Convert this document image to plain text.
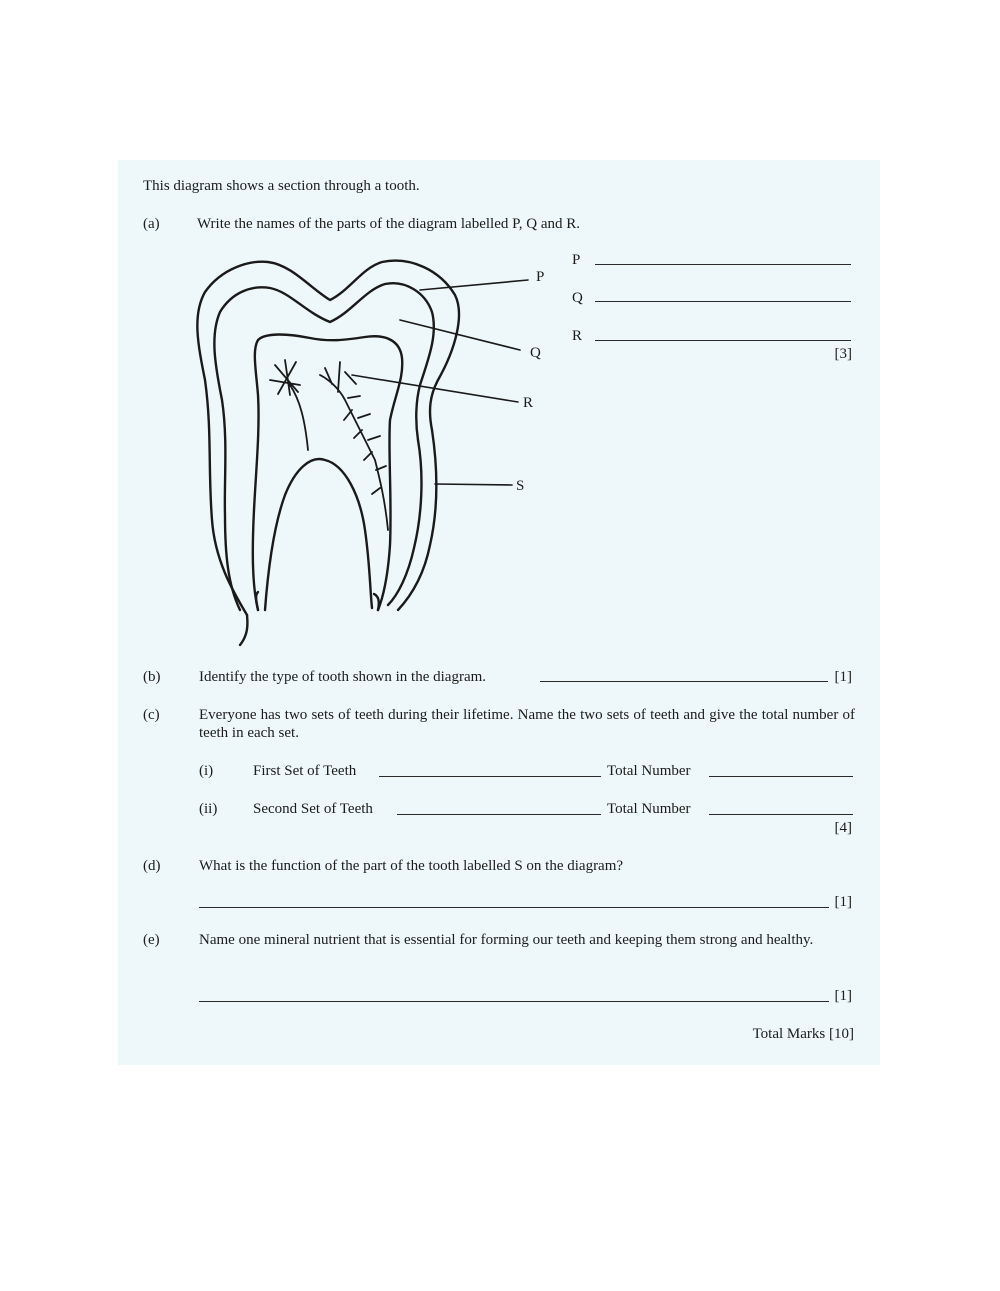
This diagram shows a section through a tooth.
(a) Write the names of the parts of the diagram labelled P, Q and R.
P
Q
R
[3]
P
Q
R
S
(b)	Identify the type of tooth shown in the diagram.	[1]
(c)	Everyone has two sets of teeth during their lifetime. Name the two sets of teeth and give the total number of teeth in each set.
(i)	First Set of Teeth	Total Number
(ii) Second Set of Teeth	Total Number
[4]
(d)	What is the function of the part of the tooth labelled S on the diagram?
[1]
(e)	Name one mineral nutrient that is essential for forming our teeth and keeping them strong and healthy.
[1]
Total Marks [10]
